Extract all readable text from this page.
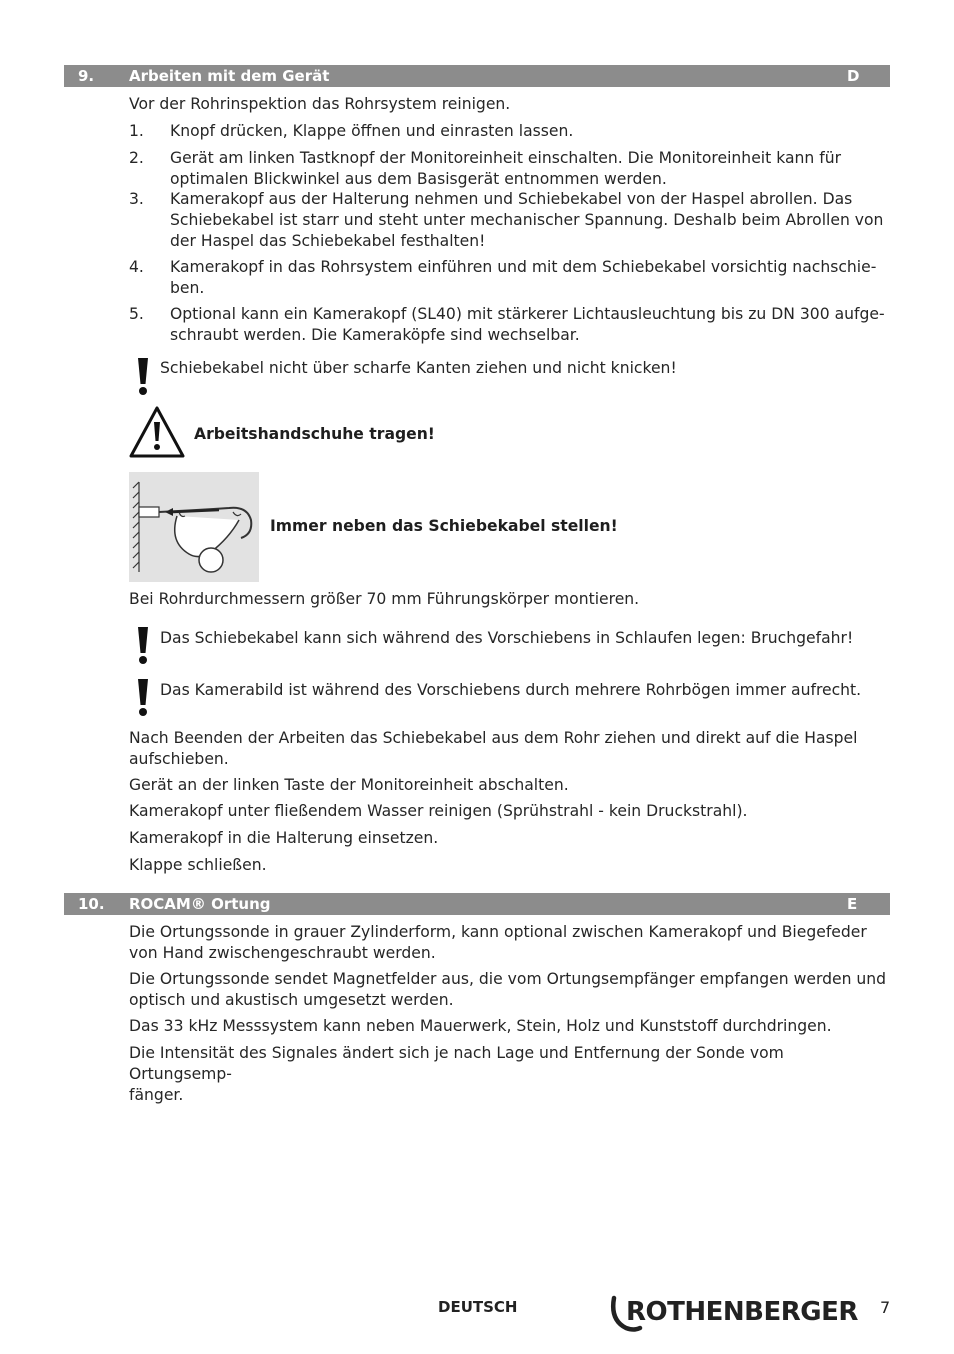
9. Arbeiten mit dem Gerät	D
Vor der Rohrinspektion das Rohrsystem reinigen.
1. Knopf drücken, Klappe öffnen und einrasten lassen.
2. Gerät am linken Tastknopf der Monitoreinheit einschalten. Die Monitoreinheit kann für
optimalen Blickwinkel aus dem Basisgerät entnommen werden.
3. Kamerakopf aus der Halterung nehmen und Schiebekabel von der Haspel abrollen. Das
Schiebekabel ist starr und steht unter mechanischer Spannung. Deshalb beim Abrollen von
der Haspel das Schiebekabel festhalten!
4. Kamerakopf in das Rohrsystem einführen und mit dem Schiebekabel vorsichtig nachschie-
ben.
5. Optional kann ein Kamerakopf (SL40) mit stärkerer Lichtausleuchtung bis zu DN 300 aufge-
schraubt werden. Die Kameraköpfe sind wechselbar.
Schiebekabel nicht über scharfe Kanten ziehen und nicht knicken!
Arbeitshandschuhe tragen!
Immer neben das Schiebekabel stellen!
Bei Rohrdurchmessern größer 70 mm Führungskörper montieren.
Das Schiebekabel kann sich während des Vorschiebens in Schlaufen legen: Bruchgefahr!
Das Kamerabild ist während des Vorschiebens durch mehrere Rohrbögen immer aufrecht.
Nach Beenden der Arbeiten das Schiebekabel aus dem Rohr ziehen und direkt auf die Haspel
aufschieben.
Gerät an der linken Taste der Monitoreinheit abschalten.
Kamerakopf unter fließendem Wasser reinigen (Sprühstrahl - kein Druckstrahl).
Kamerakopf in die Halterung einsetzen.
Klappe schließen.
10. ROCAM® Ortung	E
Die Ortungssonde in grauer Zylinderform, kann optional zwischen Kamerakopf und Biegefeder
von Hand zwischengeschraubt werden.
Die Ortungssonde sendet Magnetfelder aus, die vom Ortungsempfänger empfangen werden und
optisch und akustisch umgesetzt werden.
Das 33 kHz Messsystem kann neben Mauerwerk, Stein, Holz und Kunststoff durchdringen.
Die Intensität des Signales ändert sich je nach Lage und Entfernung der Sonde vom Ortungsemp-
fänger.
DEUTSCH	ROTHENBERGER 7
